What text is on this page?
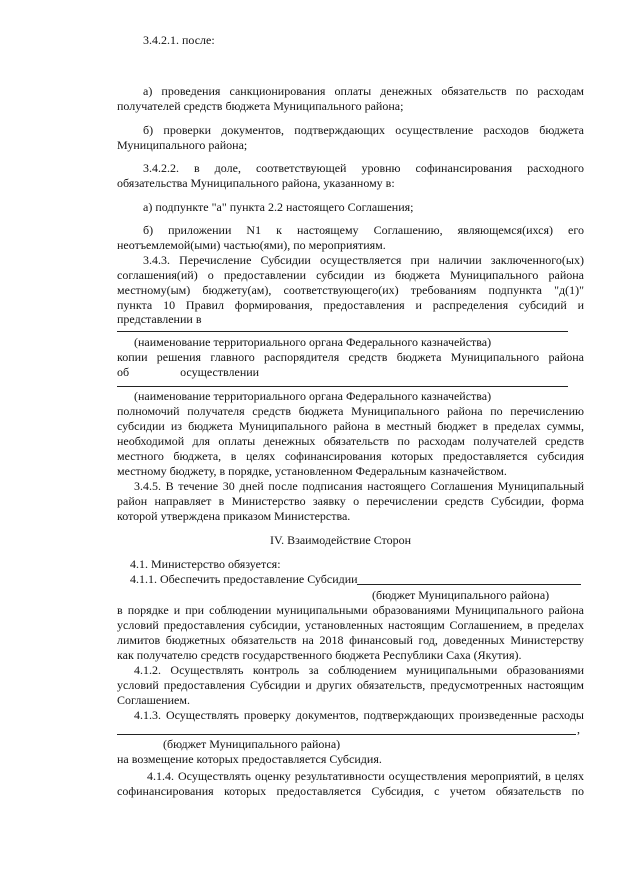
3.4.2.1. после:
а) проведения санкционирования оплаты денежных обязательств по расходам
получателей средств бюджета Муниципального района;
б) проверки документов, подтверждающих осуществление расходов бюджета
Муниципального района;
3.4.2.2. в доле, соответствующей уровню софинансирования расходного
обязательства Муниципального района, указанному в:
а) подпункте "а" пункта 2.2 настоящего Соглашения;
б) приложении N1 к настоящему Соглашению, являющемся(ихся) его
неотъемлемой(ыми) частью(ями), по мероприятиям.
3.4.3. Перечисление Субсидии осуществляется при наличии заключенного(ых)
соглашения(ий) о предоставлении субсидии из бюджета Муниципального района
местному(ым) бюджету(ам), соответствующего(их) требованиям подпункта "д(1)"
пункта 10 Правил формирования, предоставления и распределения субсидий и
представлении в
(наименование территориального органа Федерального казначейства)
копии решения главного распорядителя средств бюджета Муниципального района
об осуществлении
(наименование территориального органа Федерального казначейства)
полномочий получателя средств бюджета Муниципального района по перечислению
субсидии из бюджета Муниципального района в местный бюджет в пределах суммы,
необходимой для оплаты денежных обязательств по расходам получателей средств
местного бюджета, в целях софинансирования которых предоставляется субсидия
местному бюджету, в порядке, установленном Федеральным казначейством.
3.4.5. В течение 30 дней после подписания настоящего Соглашения Муниципальный
район направляет в Министерство заявку о перечислении средств Субсидии, форма
которой утверждена приказом Министерства.
IV. Взаимодействие Сторон
4.1. Министерство обязуется:
4.1.1. Обеспечить предоставление Субсидии
(бюджет Муниципального района)
в порядке и при соблюдении муниципальными образованиями Муниципального района
условий предоставления субсидии, установленных настоящим Соглашением, в пределах
лимитов бюджетных обязательств на 2018 финансовый год, доведенных Министерству
как получателю средств государственного бюджета Республики Саха (Якутия).
4.1.2. Осуществлять контроль за соблюдением муниципальными образованиями
условий предоставления Субсидии и других обязательств, предусмотренных настоящим
Соглашением.
4.1.3. Осуществлять проверку документов, подтверждающих произведенные расходы
,
(бюджет Муниципального района)
на возмещение которых предоставляется Субсидия.
4.1.4. Осуществлять оценку результативности осуществления мероприятий, в целях
софинансирования которых предоставляется Субсидия, с учетом обязательств по
